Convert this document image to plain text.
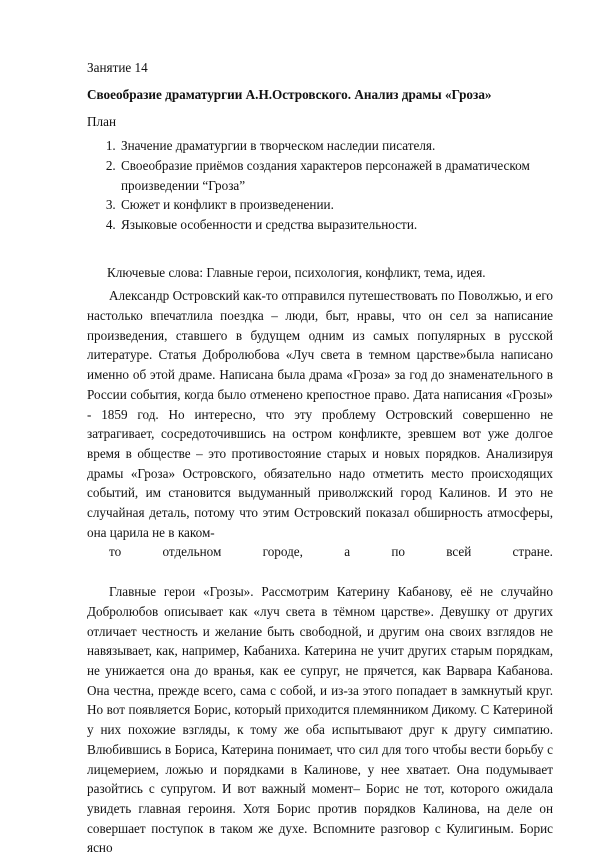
Занятие 14
Своеобразие драматургии А.Н.Островского. Анализ драмы «Гроза»
План
1. Значение драматургии в творческом наследии писателя.
2. Своеобразие приёмов создания характеров персонажей в драматическом произведении “Гроза”
3. Сюжет и конфликт в произведенении.
4. Языковые особенности и средства выразительности.
Ключевые слова: Главные герои, психология, конфликт, тема, идея.

Александр Островский как-то отправился путешествовать по Поволжью, и его настолько впечатлила поездка – люди, быт, нравы, что он сел за написание произведения, ставшего в будущем одним из самых популярных в русской литературе. Статья Добролюбова «Луч света в темном царстве»была написано именно об этой драме. Написана была драма «Гроза» за год до знаменательного в России события, когда было отменено крепостное право. Дата написания «Грозы» - 1859 год. Но интересно, что эту проблему Островский совершенно не затрагивает, сосредоточившись на остром конфликте, зревшем вот уже долгое время в обществе – это противостояние старых и новых порядков. Анализируя драмы «Гроза» Островского, обязательно надо отметить место происходящих событий, им становится выдуманный приволжский город Калинов. И это не случайная деталь, потому что этим Островский показал обширность атмосферы, она царила не в каком-
то	отдельном	городе,	а	по	всей	стране.

Главные герои «Грозы». Рассмотрим Катерину Кабанову, её не случайно Добролюбов описывает как «луч света в тёмном царстве». Девушку от других отличает честность и желание быть свободной, и другим она своих взглядов не навязывает, как, например, Кабаниха. Катерина не учит других старым порядкам, не унижается она до вранья, как ее супруг, не прячется, как Варвара Кабанова. Она честна, прежде всего, сама с собой, и из-за этого попадает в замкнутый круг. Но вот появляется Борис, который приходится племянником Дикому. С Катериной у них похожие взгляды, к тому же оба испытывают друг к другу симпатию. Влюбившись в Бориса, Катерина понимает, что сил для того чтобы вести борьбу с лицемерием, ложью и порядками в Калинове, у нее хватает. Она подумывает разойтись с супругом. И вот важный момент– Борис не тот, которого ожидала увидеть главная героиня. Хотя Борис против порядков Калинова, на деле он совершает поступок в таком же духе. Вспомните разговор с Кулигиным. Борис ясно
